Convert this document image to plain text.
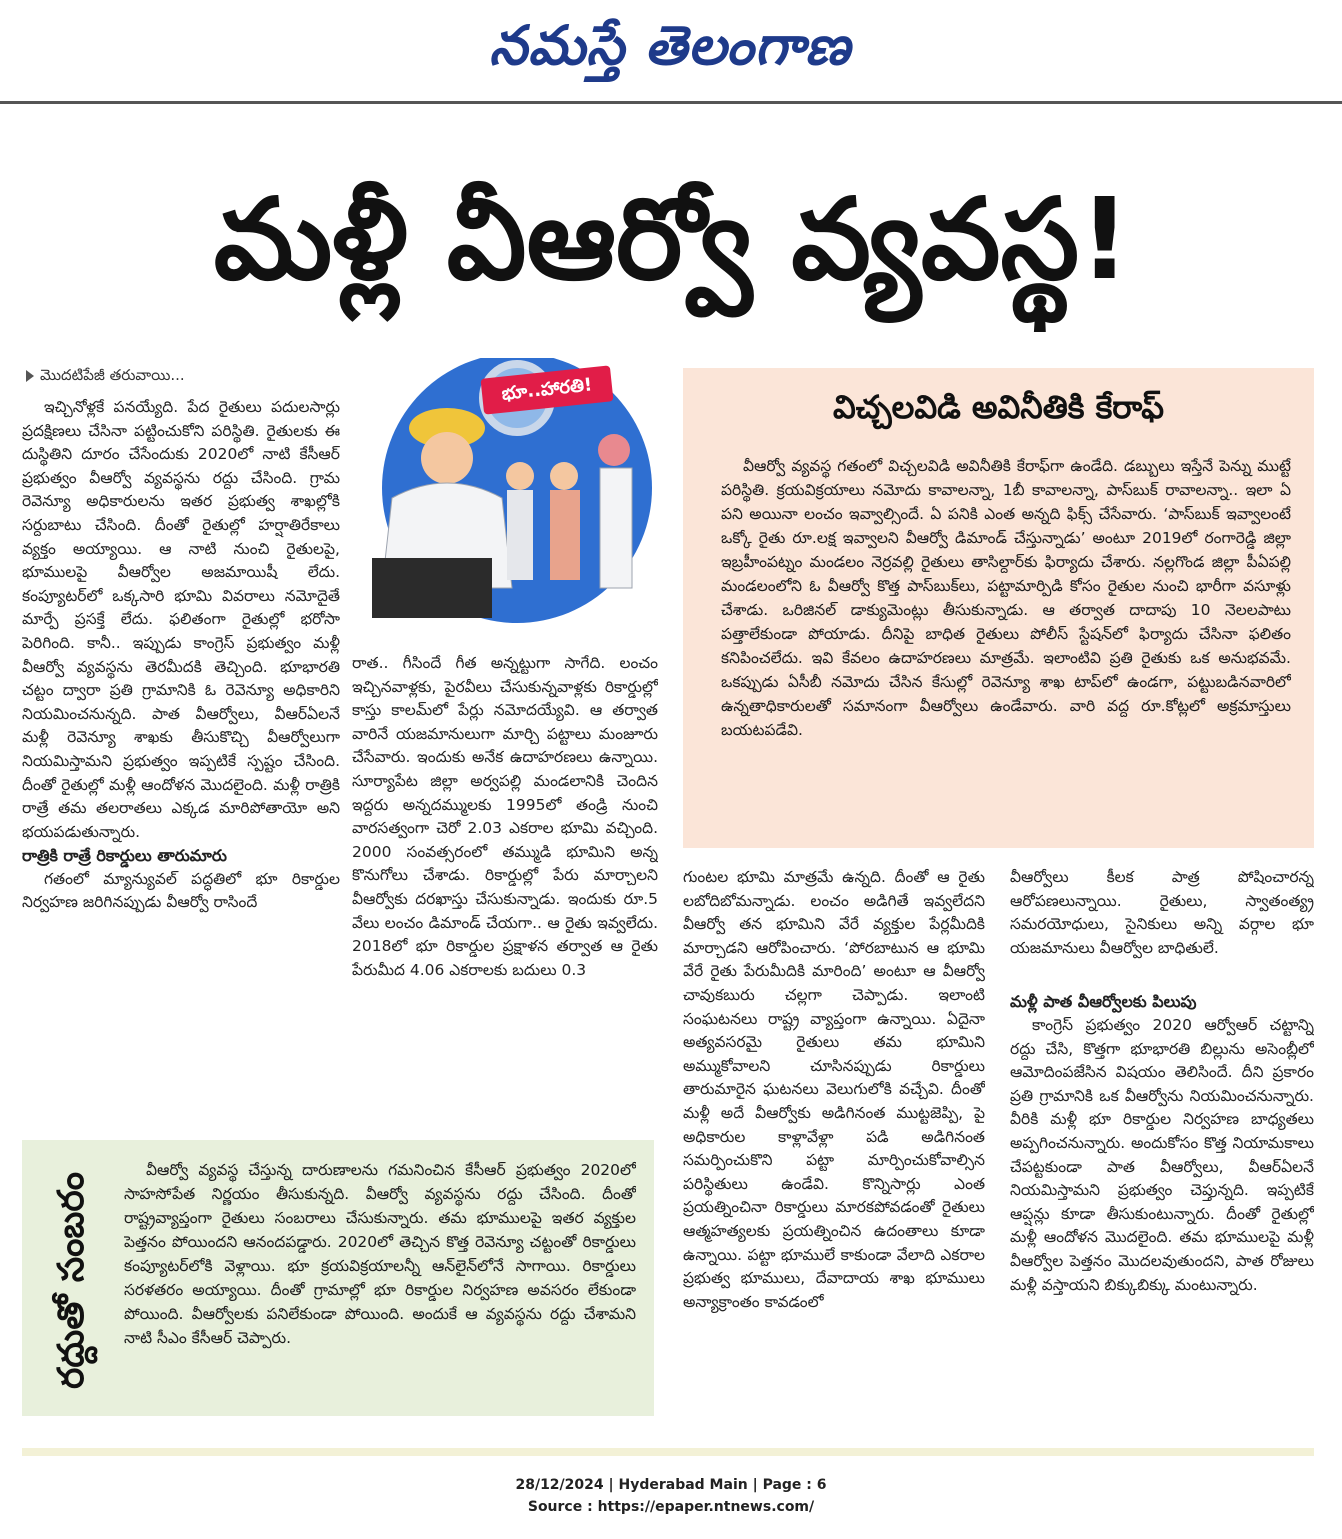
నమస్తే తెలంగాణ
మళ్లీ వీఆర్వో వ్యవస్థ!
మొదటిపేజీ తరువాయి...

ఇచ్చినోళ్లకే పనయ్యేది. పేద రైతులు పదులసార్లు ప్రదక్షిణలు చేసినా పట్టించుకోని పరిస్థితి. రైతులకు ఈ దుస్థితిని దూరం చేసేందుకు 2020లో నాటి కేసీఆర్ ప్రభుత్వం వీఆర్వో వ్యవస్థను రద్దు చేసింది. గ్రామ రెవెన్యూ అధికారులను ఇతర ప్రభుత్వ శాఖల్లోకి సర్దుబాటు చేసింది. దీంతో రైతుల్లో హర్షాతిరేకాలు వ్యక్తం అయ్యాయి. ఆ నాటి నుంచి రైతులపై, భూములపై వీఆర్వోల అజమాయిషీ లేదు. కంప్యూటర్‌లో ఒక్కసారి భూమి వివరాలు నమోదైతే మార్పే ప్రసక్తే లేదు. ఫలితంగా రైతుల్లో భరోసా పెరిగింది. కానీ.. ఇప్పుడు కాంగ్రెస్ ప్రభుత్వం మళ్లీ వీఆర్వో వ్యవస్థను తెరమీదకి తెచ్చింది. భూభారతి చట్టం ద్వారా ప్రతి గ్రామానికి ఓ రెవెన్యూ అధికారిని నియమించనున్నది. పాత వీఆర్వోలు, వీఆర్‌ఏలనే మళ్లీ రెవెన్యూ శాఖకు తీసుకొచ్చి వీఆర్వోలుగా నియమిస్తామని ప్రభుత్వం ఇప్పటికే స్పష్టం చేసింది. దీంతో రైతుల్లో మళ్లీ ఆందోళన మొదలైంది. మళ్లీ రాత్రికి రాత్రే తమ తలరాతలు ఎక్కడ మారిపోతాయో అని భయపడుతున్నారు.

రాత్రికి రాత్రే రికార్డులు తారుమారు

గతంలో మ్యాన్యువల్ పద్ధతిలో భూ రికార్డుల నిర్వహణ జరిగినప్పుడు వీఆర్వో రాసిందే

భూ..హారతి!

రాత.. గీసిందే గీత అన్నట్టుగా సాగేది. లంచం ఇచ్చినవాళ్లకు, పైరవీలు చేసుకున్నవాళ్లకు రికార్డుల్లో కాస్తు కాలమ్‌లో పేర్లు నమోదయ్యేవి. ఆ తర్వాత వారినే యజమానులుగా మార్చి పట్టాలు మంజూరు చేసేవారు. ఇందుకు అనేక ఉదాహరణలు ఉన్నాయి. సూర్యాపేట జిల్లా అర్వపల్లి మండలానికి చెందిన ఇద్దరు అన్నదమ్ములకు 1995లో తండ్రి నుంచి వారసత్వంగా చెరో 2.03 ఎకరాల భూమి వచ్చింది. 2000 సంవత్సరంలో తమ్ముడి భూమిని అన్న కొనుగోలు చేశాడు. రికార్డుల్లో పేరు మార్చాలని వీఆర్వోకు దరఖాస్తు చేసుకున్నాడు. ఇందుకు రూ.5 వేలు లంచం డిమాండ్ చేయగా.. ఆ రైతు ఇవ్వలేదు. 2018లో భూ రికార్డుల ప్రక్షాళన తర్వాత ఆ రైతు పేరుమీద 4.06 ఎకరాలకు బదులు 0.3

విచ్చలవిడి అవినీతికి కేరాఫ్

వీఆర్వో వ్యవస్థ గతంలో విచ్చలవిడి అవినీతికి కేరాఫ్‌గా ఉండేది. డబ్బులు ఇస్తేనే పెన్ను ముట్టే పరిస్థితి. క్రయవిక్రయాలు నమోదు కావాలన్నా, 1బీ కావాలన్నా, పాస్‌బుక్ రావాలన్నా.. ఇలా ఏ పని అయినా లంచం ఇవ్వాల్సిందే. ఏ పనికి ఎంత అన్నది ఫిక్స్ చేసేవారు. ‘పాస్‌బుక్ ఇవ్వాలంటే ఒక్కో రైతు రూ.లక్ష ఇవ్వాలని వీఆర్వో డిమాండ్ చేస్తున్నాడు’ అంటూ 2019లో రంగారెడ్డి జిల్లా ఇబ్రహీంపట్నం మండలం నెర్రవల్లి రైతులు తాసిల్దార్‌కు ఫిర్యాదు చేశారు. నల్లగొండ జిల్లా పీఏపల్లి మండలంలోని ఓ వీఆర్వో కొత్త పాస్‌బుక్‌లు, పట్టామార్పిడి కోసం రైతుల నుంచి భారీగా వసూళ్లు చేశాడు. ఒరిజినల్ డాక్యుమెంట్లు తీసుకున్నాడు. ఆ తర్వాత దాదాపు 10 నెలలపాటు పత్తాలేకుండా పోయాడు. దీనిపై బాధిత రైతులు పోలీస్ స్టేషన్‌లో ఫిర్యాదు చేసినా ఫలితం కనిపించలేదు. ఇవి కేవలం ఉదాహరణలు మాత్రమే. ఇలాంటివి ప్రతి రైతుకు ఒక అనుభవమే. ఒకప్పుడు ఏసీబీ నమోదు చేసిన కేసుల్లో రెవెన్యూ శాఖ టాప్‌లో ఉండగా, పట్టుబడినవారిలో ఉన్నతాధికారులతో సమానంగా వీఆర్వోలు ఉండేవారు. వారి వద్ద రూ.కోట్లలో అక్రమాస్తులు బయటపడేవి.

గుంటల భూమి మాత్రమే ఉన్నది. దీంతో ఆ రైతు లబోదిబోమన్నాడు. లంచం అడిగితే ఇవ్వలేదని వీఆర్వో తన భూమిని వేరే వ్యక్తుల పేర్లమీదికి మార్చాడని ఆరోపించారు. ‘పోరబాటున ఆ భూమి వేరే రైతు పేరుమీదికి మారింది’ అంటూ ఆ వీఆర్వో చావుకబురు చల్లగా చెప్పాడు. ఇలాంటి సంఘటనలు రాష్ట్ర వ్యాప్తంగా ఉన్నాయి. ఏదైనా అత్యవసరమై రైతులు తమ భూమిని అమ్ముకోవాలని చూసినప్పుడు రికార్డులు తారుమారైన ఘటనలు వెలుగులోకి వచ్చేవి. దీంతో మళ్లీ అదే వీఆర్వోకు అడిగినంత ముట్టజెప్పి, పై అధికారుల కాళ్లావేళ్లా పడి అడిగినంత సమర్పించుకొని పట్టా మార్పించుకోవాల్సిన పరిస్థితులు ఉండేవి. కొన్నిసార్లు ఎంత ప్రయత్నించినా రికార్డులు మారకపోవడంతో రైతులు ఆత్మహత్యలకు ప్రయత్నించిన ఉదంతాలు కూడా ఉన్నాయి. పట్టా భూములే కాకుండా వేలాది ఎకరాల ప్రభుత్వ భూములు, దేవాదాయ శాఖ భూములు అన్యాక్రాంతం కావడంలో

వీఆర్వోలు కీలక పాత్ర పోషించారన్న ఆరోపణలున్నాయి. రైతులు, స్వాతంత్య్ర సమరయోధులు, సైనికులు అన్ని వర్గాల భూ యజమానులు వీఆర్వోల బాధితులే.

మళ్లీ పాత వీఆర్వోలకు పిలుపు

కాంగ్రెస్ ప్రభుత్వం 2020 ఆర్వోఆర్ చట్టాన్ని రద్దు చేసి, కొత్తగా భూభారతి బిల్లును అసెంబ్లీలో ఆమోదింపజేసిన విషయం తెలిసిందే. దీని ప్రకారం ప్రతి గ్రామానికి ఒక వీఆర్వోను నియమించనున్నారు. వీరికి మళ్లీ భూ రికార్డుల నిర్వహణ బాధ్యతలు అప్పగించనున్నారు. అందుకోసం కొత్త నియామకాలు చేపట్టకుండా పాత వీఆర్వోలు, వీఆర్‌ఏలనే నియమిస్తామని ప్రభుత్వం చెప్తున్నది. ఇప్పటికే ఆప్షన్లు కూడా తీసుకుంటున్నారు. దీంతో రైతుల్లో మళ్లీ ఆందోళన మొదలైంది. తమ భూములపై మళ్లీ వీఆర్వోల పెత్తనం మొదలవుతుందని, పాత రోజులు మళ్లీ వస్తాయని బిక్కుబిక్కు మంటున్నారు.

రద్దుతో సంబరం

వీఆర్వో వ్యవస్థ చేస్తున్న దారుణాలను గమనించిన కేసీఆర్ ప్రభుత్వం 2020లో సాహసోపేత నిర్ణయం తీసుకున్నది. వీఆర్వో వ్యవస్థను రద్దు చేసింది. దీంతో రాష్ట్రవ్యాప్తంగా రైతులు సంబరాలు చేసుకున్నారు. తమ భూములపై ఇతర వ్యక్తుల పెత్తనం పోయిందని ఆనందపడ్డారు. 2020లో తెచ్చిన కొత్త రెవెన్యూ చట్టంతో రికార్డులు కంప్యూటర్‌లోకి వెళ్లాయి. భూ క్రయవిక్రయాలన్నీ ఆన్‌లైన్‌లోనే సాగాయి. రికార్డులు సరళతరం అయ్యాయి. దీంతో గ్రామాల్లో భూ రికార్డుల నిర్వహణ అవసరం లేకుండా పోయింది. వీఆర్వోలకు పనిలేకుండా పోయింది. అందుకే ఆ వ్యవస్థను రద్దు చేశామని నాటి సీఎం కేసీఆర్ చెప్పారు.

28/12/2024 | Hyderabad Main | Page : 6
Source : https://epaper.ntnews.com/
